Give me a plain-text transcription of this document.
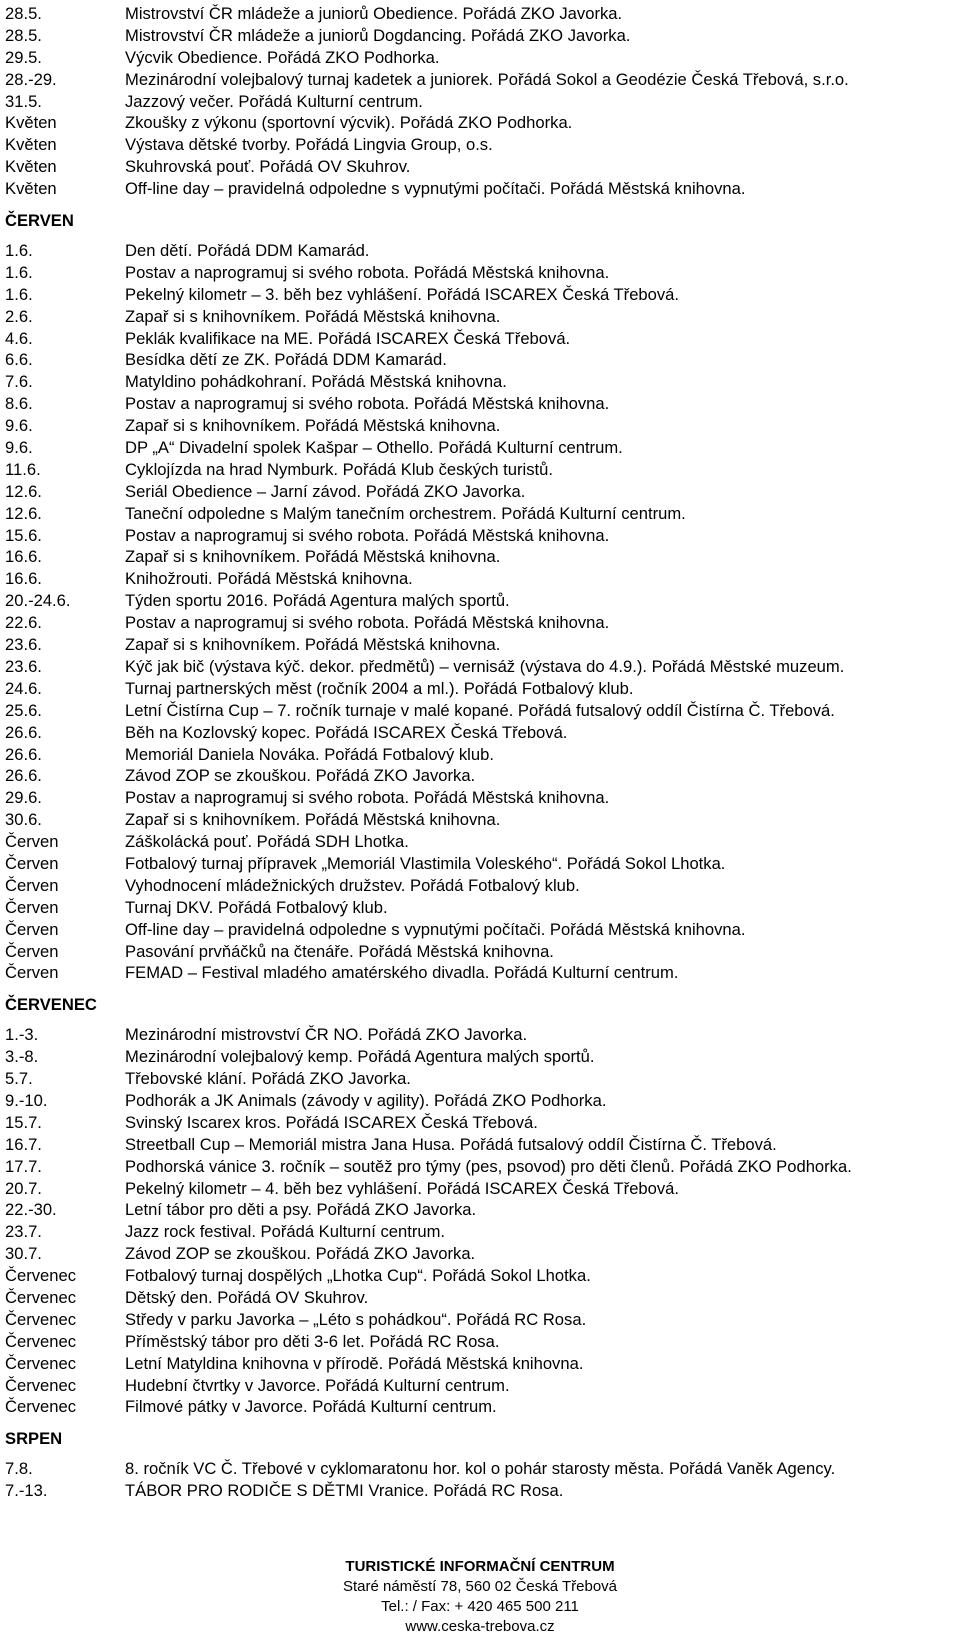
28.5.	Mistrovství ČR mládeže a juniorů Obedience. Pořádá ZKO Javorka.
28.5.	Mistrovství ČR mládeže a juniorů Dogdancing. Pořádá ZKO Javorka.
29.5.	Výcvik Obedience. Pořádá ZKO Podhorka.
28.-29.	Mezinárodní volejbalový turnaj kadetek a juniorek. Pořádá Sokol a Geodézie Česká Třebová, s.r.o.
31.5.	Jazzový večer. Pořádá Kulturní centrum.
Květen	Zkoušky z výkonu (sportovní výcvik). Pořádá ZKO Podhorka.
Květen	Výstava dětské tvorby. Pořádá Lingvia Group, o.s.
Květen	Skuhrovská pouť. Pořádá OV Skuhrov.
Květen	Off-line day – pravidelná odpoledne s vypnutými počítači. Pořádá Městská knihovna.
ČERVEN
1.6.	Den dětí. Pořádá DDM Kamarád.
1.6.	Postav a naprogramuj si svého robota. Pořádá Městská knihovna.
1.6.	Pekelný kilometr – 3. běh bez vyhlášení. Pořádá ISCAREX Česká Třebová.
2.6.	Zapař si s knihovníkem. Pořádá Městská knihovna.
4.6.	Peklák kvalifikace na ME. Pořádá ISCAREX Česká Třebová.
6.6.	Besídka dětí ze ZK. Pořádá DDM Kamarád.
7.6.	Matyldino pohádkohraní. Pořádá Městská knihovna.
8.6.	Postav a naprogramuj si svého robota. Pořádá Městská knihovna.
9.6.	Zapař si s knihovníkem. Pořádá Městská knihovna.
9.6.	DP „A“ Divadelní spolek Kašpar – Othello. Pořádá Kulturní centrum.
11.6.	Cyklojízda na hrad Nymburk. Pořádá Klub českých turistů.
12.6.	Seriál Obedience – Jarní závod. Pořádá ZKO Javorka.
12.6.	Taneční odpoledne s Malým tanečním orchestrem. Pořádá Kulturní centrum.
15.6.	Postav a naprogramuj si svého robota. Pořádá Městská knihovna.
16.6.	Zapař si s knihovníkem. Pořádá Městská knihovna.
16.6.	Knihožrouti. Pořádá Městská knihovna.
20.-24.6.	Týden sportu 2016. Pořádá Agentura malých sportů.
22.6.	Postav a naprogramuj si svého robota. Pořádá Městská knihovna.
23.6.	Zapař si s knihovníkem. Pořádá Městská knihovna.
23.6.	Kýč jak bič (výstava kýč. dekor. předmětů) – vernisáž (výstava do 4.9.). Pořádá Městské muzeum.
24.6.	Turnaj partnerských měst (ročník 2004 a ml.). Pořádá Fotbalový klub.
25.6.	Letní Čistírna Cup – 7. ročník turnaje v malé kopané. Pořádá futsalový oddíl Čistírna Č. Třebová.
26.6.	Běh na Kozlovský kopec. Pořádá ISCAREX Česká Třebová.
26.6.	Memoriál Daniela Nováka. Pořádá Fotbalový klub.
26.6.	Závod ZOP se zkouškou. Pořádá ZKO Javorka.
29.6.	Postav a naprogramuj si svého robota. Pořádá Městská knihovna.
30.6.	Zapař si s knihovníkem. Pořádá Městská knihovna.
Červen	Záškolácká pouť. Pořádá SDH Lhotka.
Červen	Fotbalový turnaj přípravek „Memoriál Vlastimila Voleského“. Pořádá Sokol Lhotka.
Červen	Vyhodnocení mládežnických družstev. Pořádá Fotbalový klub.
Červen	Turnaj DKV. Pořádá Fotbalový klub.
Červen	Off-line day – pravidelná odpoledne s vypnutými počítači. Pořádá Městská knihovna.
Červen	Pasování prvňáčků na čtenáře. Pořádá Městská knihovna.
Červen	FEMAD – Festival mladého amatérského divadla. Pořádá Kulturní centrum.
ČERVENEC
1.-3.	Mezinárodní mistrovství ČR NO. Pořádá ZKO Javorka.
3.-8.	Mezinárodní volejbalový kemp. Pořádá Agentura malých sportů.
5.7.	Třebovské klání. Pořádá ZKO Javorka.
9.-10.	Podhorák a JK Animals (závody v agility). Pořádá ZKO Podhorka.
15.7.	Svinský Iscarex kros. Pořádá ISCAREX Česká Třebová.
16.7.	Streetball Cup – Memoriál mistra Jana Husa. Pořádá futsalový oddíl Čistírna Č. Třebová.
17.7.	Podhorská vánice 3. ročník – soutěž pro týmy (pes, psovod) pro děti členů. Pořádá ZKO Podhorka.
20.7.	Pekelný kilometr – 4. běh bez vyhlášení. Pořádá ISCAREX Česká Třebová.
22.-30.	Letní tábor pro děti a psy. Pořádá ZKO Javorka.
23.7.	Jazz rock festival. Pořádá Kulturní centrum.
30.7.	Závod ZOP se zkouškou. Pořádá ZKO Javorka.
Červenec	Fotbalový turnaj dospělých „Lhotka Cup“. Pořádá Sokol Lhotka.
Červenec	Dětský den. Pořádá OV Skuhrov.
Červenec	Středy v parku Javorka – „Léto s pohádkou“. Pořádá RC Rosa.
Červenec	Příměstský tábor pro děti 3-6 let. Pořádá RC Rosa.
Červenec	Letní Matyldina knihovna v přírodě. Pořádá Městská knihovna.
Červenec	Hudební čtvrtky v Javorce. Pořádá Kulturní centrum.
Červenec	Filmové pátky v Javorce. Pořádá Kulturní centrum.
SRPEN
7.8.	8. ročník VC Č. Třebové v cyklomaratonu hor. kol o pohár starosty města. Pořádá Vaněk Agency.
7.-13.	TÁBOR PRO RODIČE S DĚTMI Vranice. Pořádá RC Rosa.
TURISTICKÉ INFORMAČNÍ CENTRUM
Staré náměstí 78, 560 02 Česká Třebová
Tel.: / Fax: + 420 465 500 211
www.ceska-trebova.cz
